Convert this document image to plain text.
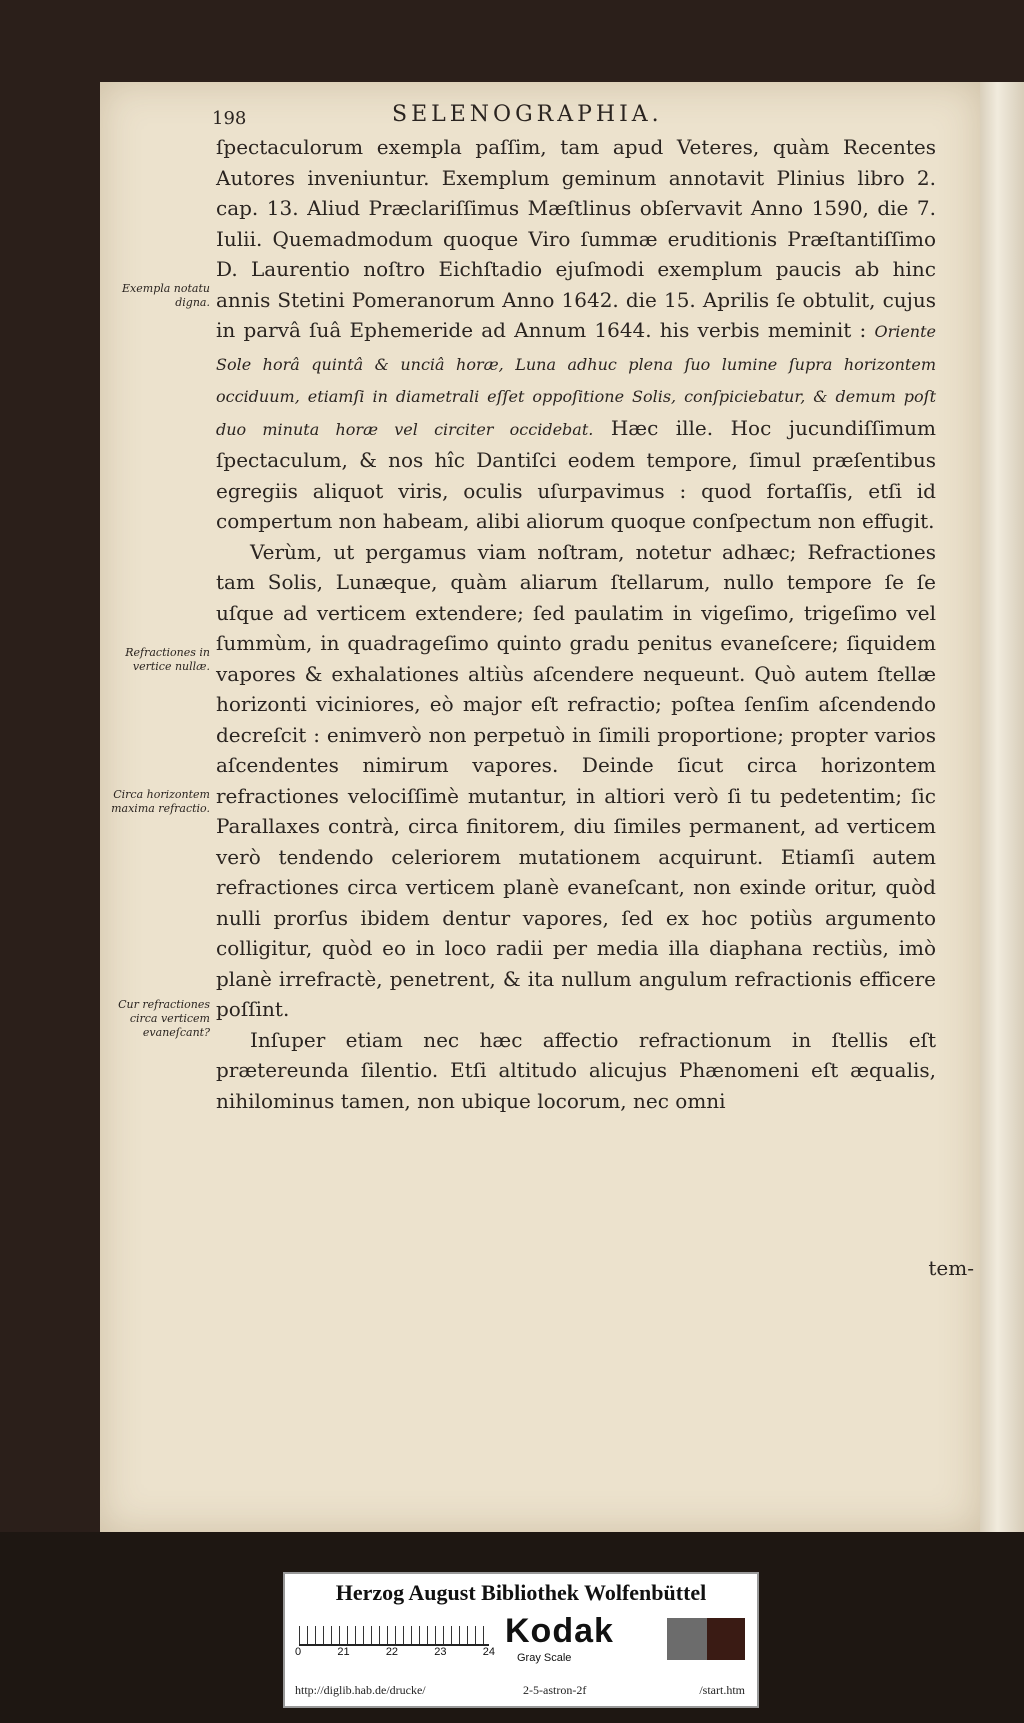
198	SELENOGRAPHIA.

ſpectaculorum exempla paſſim, tam apud Veteres, quàm Recentes Autores inveniuntur. Exemplum geminum annotavit Plinius libro 2. cap. 13. Aliud Præclariſſimus Mæſtlinus obſervavit Anno 1590, die 7. Iulii. Quemadmodum quoque Viro ſummæ eruditionis Præſtantiſſimo D. Laurentio noſtro Eichſtadio ejuſmodi exemplum paucis ab hinc annis Stetini Pomeranorum Anno 1642. die 15. Aprilis ſe obtulit, cujus in parvâ ſuâ Ephemeride ad Annum 1644. his verbis meminit : Oriente Sole horâ quintâ & unciâ horæ, Luna adhuc plena ſuo lumine ſupra horizontem occiduum, etiamſi in diametrali eſſet oppoſitione Solis, conſpiciebatur, & demum poſt duo minuta horæ vel circiter occidebat. Hæc ille. Hoc jucundiſſimum ſpectaculum, & nos hîc Dantiſci eodem tempore, ſimul præſentibus egregiis aliquot viris, oculis uſurpavimus : quod fortaſſis, etſi id compertum non habeam, alibi aliorum quoque conſpectum non effugit.

Verùm, ut pergamus viam noſtram, notetur adhæc; Refractiones tam Solis, Lunæque, quàm aliarum ſtellarum, nullo tempore ſe ſe uſque ad verticem extendere; ſed paulatim in vigeſimo, trigeſimo vel ſummùm, in quadrageſimo quinto gradu penitus evaneſcere; ſiquidem vapores & exhalationes altiùs aſcendere nequeunt. Quò autem ſtellæ horizonti viciniores, eò major eſt refractio; poſtea ſenſim aſcendendo decreſcit : enimverò non perpetuò in ſimili proportione; propter varios aſcendentes nimirum vapores. Deinde ſicut circa horizontem refractiones velociſſimè mutantur, in altiori verò ſi tu pedetentim; ſic Parallaxes contrà, circa finitorem, diu ſimiles permanent, ad verticem verò tendendo celeriorem mutationem acquirunt. Etiamſi autem refractiones circa verticem planè evaneſcant, non exinde oritur, quòd nulli prorſus ibidem dentur vapores, ſed ex hoc potiùs argumento colligitur, quòd eo in loco radii per media illa diaphana rectiùs, imò planè irrefractè, penetrent, & ita nullum angulum refractionis efficere poſſint.

Inſuper etiam nec hæc affectio refractionum in ſtellis eſt prætereunda ſilentio. Etſi altitudo alicujus Phænomeni eſt æqualis, nihilominus tamen, non ubique locorum, nec omni

tem-
Exempla notatu digna.
Refractiones in vertice nullæ.
Circa horizontem maxima refractio.
Cur refractiones circa verticem evaneſcant?
Herzog August Bibliothek Wolfenbüttel
0	21	22	23	24
Kodak
Gray Scale
http://diglib.hab.de/drucke/	2-5-astron-2f	/start.htm
